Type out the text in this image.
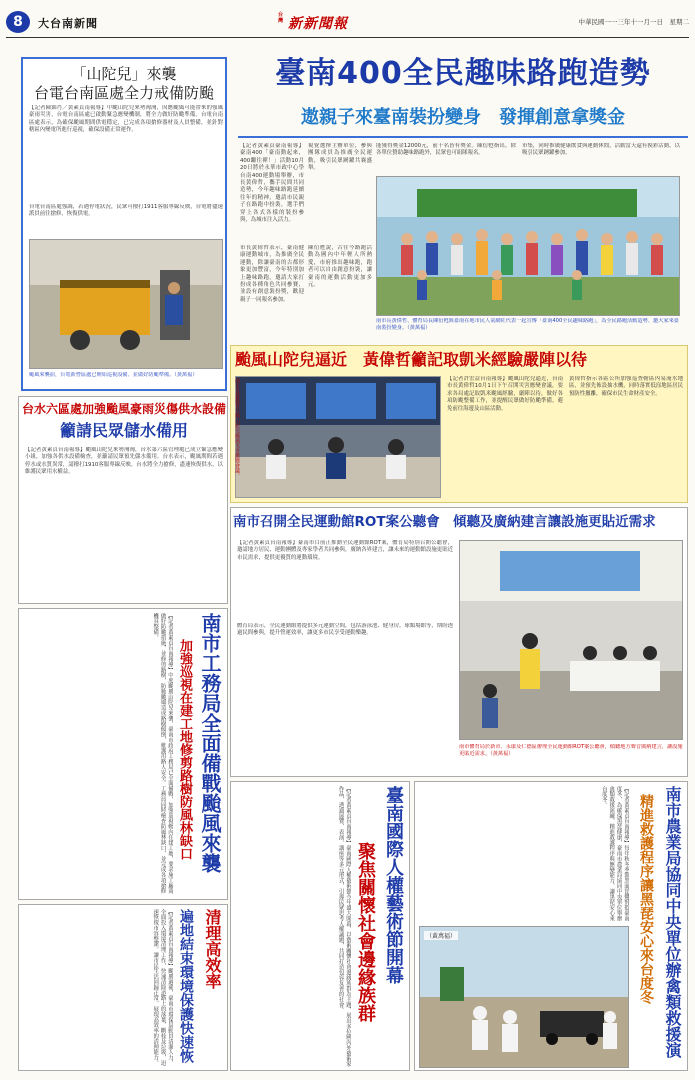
8	大台南新聞
台灣 新新聞報	中華民國一一三年十一月一日　星期二
「山陀兒」來襲
台電台南區處全力戒備防颱
【記者陳錦肖／黃素貞南報導】中颱山陀兒來勢洶洶，因應颱風可能帶來的強風豪雨災害，台電台南區處已啟動緊急應變機制，將全力做好防颱準備。台電台南區處表示，為確保颱風期間供電穩定，已完成各項搶修器材及人員整備，並針對轄區內變電所進行巡視，確保設備正常運作。
台電台南區處強調，若遇停電狀況，民眾可撥打1911客服專線反映，台電將儘速派員前往搶修，恢復供電。
颱風來襲前，台電新營區處已開始巡視設備、並做好防颱準備。（黃萬福）
臺南400全民趣味路跑造勢
遨親子來臺南裝扮變身　發揮創意拿獎金
【記者黃素貞臺南報導】臺南400「臺南動起來，400繼往禪！」活動10月20日將於永華市政中心學台南400運動場舉辦，市長黃偉哲，攜手民間共同造勢，今年趣味路跑延續往年的精神，邀請市民親子在路跑中扮裝，選手們穿上各式各樣的裝扮參與，為城市注入活力。
市長黃偉哲表示，臺南健康運動城市，為推廣全民運動，除讓臺南的古都形象更加豐富，今年特別加上趣味路跑，邀請大家打扮成各種角色共同參賽，並設有創意裝扮獎，歡迎親子一同報名參加。
視覺選擇主辦單位，參與團隊成員為推廣全民運動，吸引民眾踴躍共襄盛舉。
陳衍甦說，古往今路跑活動為國內中年輕人所熱愛，市府推出趣味跑，跑者可以自由創意扮裝，讓臺南的運動活動更加多元。
能獲得獎金12000元，前十名皆有獎金。陳衍甦指出，除各單位贊助趣味路跑外，民眾也可組隊報名。
市集，同時推廣健康飲食與運動休閒，活動當天還有摸彩活動，以吸引民眾踴躍參加。
南市長黃偉哲、體育局長陳衍甦與臺南在地市民人氣網紅代表一起宣傳「臺南400全民趣味路跑」，為全民路跑活動造勢、邀大家來臺南裝扮變身。（黃萬福）
颱風山陀兒逼近　黃偉哲籲記取凱米經驗嚴陣以待
南市長黃偉哲召開山陀兒颱風災害應變會議。	【記者許宏益台南報導】颱風山陀兒逼近，台南市長黃偉哲10月1日下午召開災害應變會議，要求各局處記取凱米颱風經驗，嚴陣以待，做好各項防颱整備工作，並提醒民眾做好防颱準備，避免前往海邊及山區活動。
黃偉哲指示各區公所加強巡查轄區內易淹水地區，並預先佈設抽水機，同時落實低窪地區居民預防性撤離，確保市民生命財產安全。
台水六區處加強颱風豪雨災傷供水設備
籲請民眾儲水備用
【記者黃素貞台南報導】颱風山陀兒來勢洶洶，台水第六區管理處已成立緊急應變小組，加強各供水設備檢查，並籲請民眾預先儲水備用。台水表示，颱風期間若遇停水或水質異常，請撥打1910客服專線反映。台水將全力搶修，盡速恢復供水，以維護民眾用水權益。
南市召開全民運動館ROT案公聽會　傾聽及廣納建言讓設施更貼近需求
【記者黃素貞台南報導】臺南市目前正推動全民運動館ROT案，體育局特別召開公聽會，邀請地方居民、運動團體及專家學者共同參與，廣納各界建言，讓未來的運動館設施更貼近市民需求，提供更優質的運動環境。
體育局表示，全民運動館將提供多元運動空間，包括游泳池、健身房、球類場館等，期盼透過民間參與，提升營運效率，讓更多市民享受運動樂趣。
南市體育局於新市、永康及仁德區辦理全民運動館ROT案公聽會，傾聽地方聲音廣納建言，讓設施更貼近需求。（黃萬福）
南市工務局全面備戰颱風來襲
加強巡視在建工地修剪路樹防風林缺口
【記者黃素貞台南報導】中度颱風山陀兒來襲，臺南市政府工務局已全面備戰，加強巡視轄內在建工地，要求施工廠商做好防颱措施，並修剪路樹，防範颱風造成路樹傾倒，維護用路人安全。工務局同時檢查防風林缺口，並完成各項搶修機具整備。
臺南國際人權藝術節開幕
聚焦關懷社會邊緣族群
【記者黃素貞台南報導】臺南國際人權藝術節今年盛大開幕，以藝術關懷社會邊緣族群為主題，展出多位國內外藝術家作品，透過展覽、表演、講座等多元形式，引導民眾思考人權議題，共同打造包容友善的社會。	南市農業局協同中央單位辦禽類救援演
精進救護程序讓黑琵安心來台度冬
【記者黃素貞台南報導】每年秋冬季節黑面琵鷺飛抵臺南度冬，為確保黑琵健康，臺南市農業局協同中央單位舉辦禽類救援演練，精進救護程序與應變能力，讓黑琵安心來台度冬。
（黃萬福）
清理高效率
遍地結束環境保護快速恢
【記者黃素貞台南報導】颱風過後，臺南市環保局動員清潔人力，全面投入環境清理工作，快速清除道路上的落葉、斷枝及垃圾，迅速恢復市容整潔，讓市民生活回歸正常，展現高效率的清理能力。
